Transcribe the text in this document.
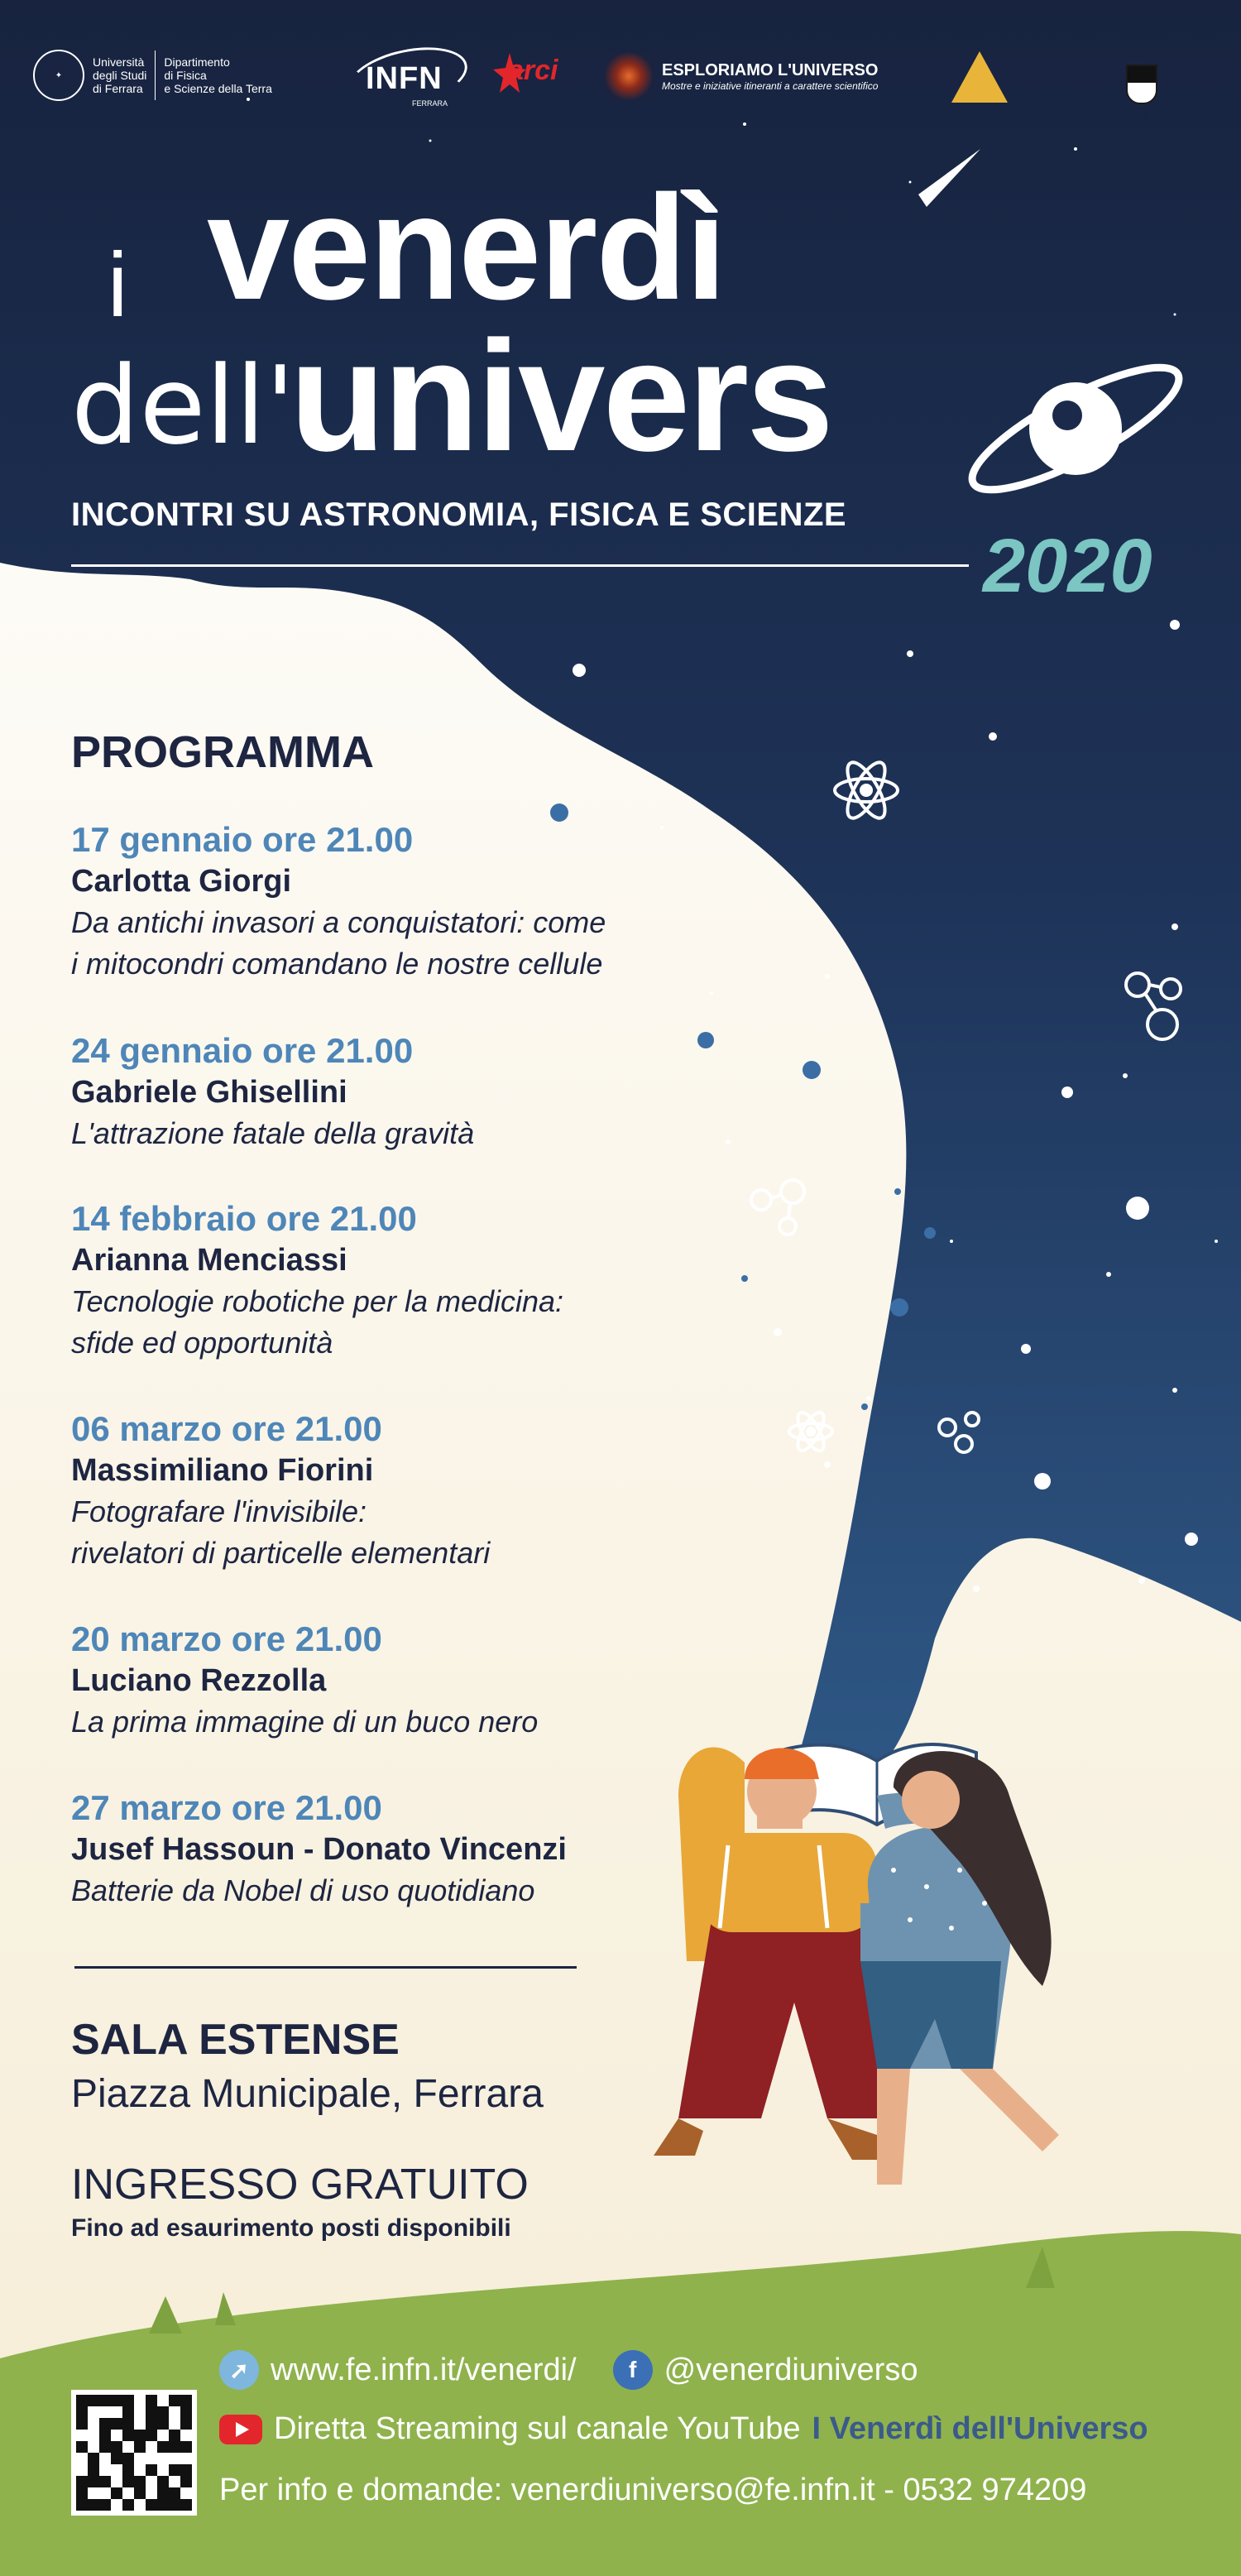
✦
Università
degli Studi
di Ferrara
Dipartimento
di Fisica
e Scienze della Terra	INFN
FERRARA
arci	ESPLORIAMO L'UNIVERSO
Mostre e iniziative itineranti a carattere scientifico
Con il Patrocinio del
Comune di Ferrara
i venerdì
dell'
univers
INCONTRI SU ASTRONOMIA, FISICA E SCIENZE
2020
PROGRAMMA
17 gennaio ore 21.00
Carlotta Giorgi
Da antichi invasori a conquistatori: come
i mitocondri comandano le nostre cellule
24 gennaio ore 21.00
Gabriele Ghisellini
L'attrazione fatale della gravità
14 febbraio ore 21.00
Arianna Menciassi
Tecnologie robotiche per la medicina:
sfide ed opportunità
06 marzo ore 21.00
Massimiliano Fiorini
Fotografare l'invisibile:
rivelatori di particelle elementari
20 marzo ore 21.00
Luciano Rezzolla
La prima immagine di un buco nero
27 marzo ore 21.00
Jusef Hassoun - Donato Vincenzi
Batterie da Nobel di uso quotidiano
SALA ESTENSE
Piazza Municipale, Ferrara
INGRESSO GRATUITO
Fino ad esaurimento posti disponibili
➚ www.fe.infn.it/venerdi/	f @venerdiuniverso
Diretta Streaming sul canale YouTube I Venerdì dell'Universo
Per info e domande: venerdiuniverso@fe.infn.it - 0532 974209
